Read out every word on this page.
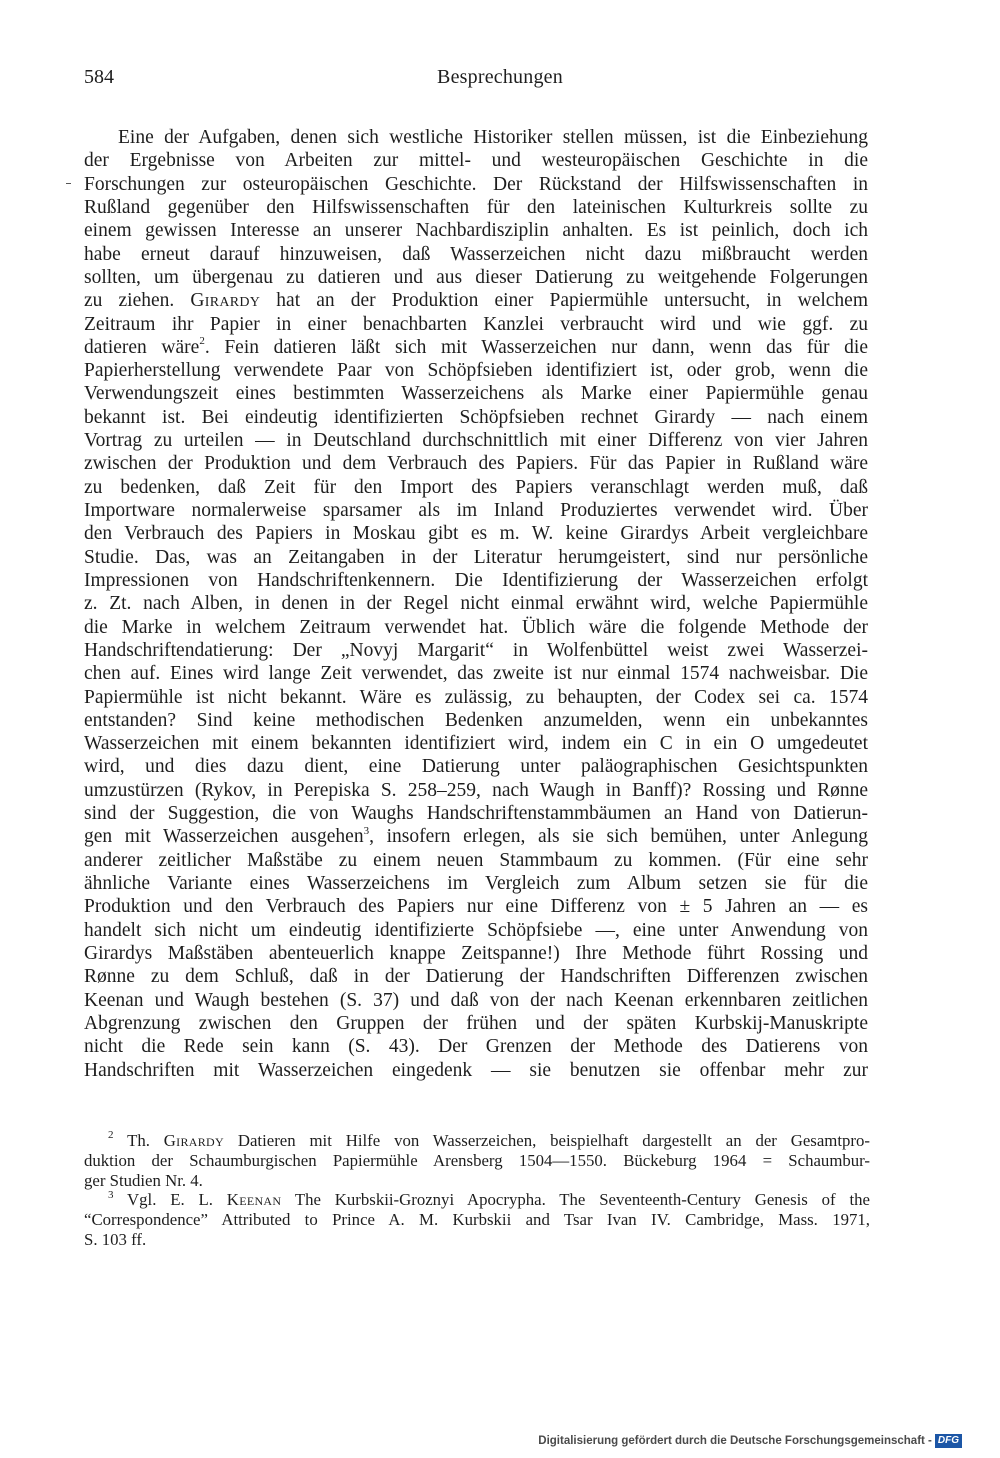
584	Besprechungen
Eine der Aufgaben, denen sich westliche Historiker stellen müssen, ist die Einbeziehung
der Ergebnisse von Arbeiten zur mittel- und westeuropäischen Geschichte in die
Forschungen zur osteuropäischen Geschichte. Der Rückstand der Hilfswissenschaften in
Rußland gegenüber den Hilfswissenschaften für den lateinischen Kulturkreis sollte zu
einem gewissen Interesse an unserer Nachbardisziplin anhalten. Es ist peinlich, doch ich
habe erneut darauf hinzuweisen, daß Wasserzeichen nicht dazu mißbraucht werden
sollten, um übergenau zu datieren und aus dieser Datierung zu weitgehende Folgerungen
zu ziehen. Girardy hat an der Produktion einer Papiermühle untersucht, in welchem
Zeitraum ihr Papier in einer benachbarten Kanzlei verbraucht wird und wie ggf. zu
datieren wäre$^2$. Fein datieren läßt sich mit Wasserzeichen nur dann, wenn das für die
Papierherstellung verwendete Paar von Schöpfsieben identifiziert ist, oder grob, wenn die
Verwendungszeit eines bestimmten Wasserzeichens als Marke einer Papiermühle genau
bekannt ist. Bei eindeutig identifizierten Schöpfsieben rechnet Girardy — nach einem
Vortrag zu urteilen — in Deutschland durchschnittlich mit einer Differenz von vier Jahren
zwischen der Produktion und dem Verbrauch des Papiers. Für das Papier in Rußland wäre
zu bedenken, daß Zeit für den Import des Papiers veranschlagt werden muß, daß
Importware normalerweise sparsamer als im Inland Produziertes verwendet wird. Über
den Verbrauch des Papiers in Moskau gibt es m. W. keine Girardys Arbeit vergleichbare
Studie. Das, was an Zeitangaben in der Literatur herumgeistert, sind nur persönliche
Impressionen von Handschriftenkennern. Die Identifizierung der Wasserzeichen erfolgt
z. Zt. nach Alben, in denen in der Regel nicht einmal erwähnt wird, welche Papiermühle
die Marke in welchem Zeitraum verwendet hat. Üblich wäre die folgende Methode der
Handschriftendatierung: Der „Novyj Margarit“ in Wolfenbüttel weist zwei Wasserzei-
chen auf. Eines wird lange Zeit verwendet, das zweite ist nur einmal 1574 nachweisbar. Die
Papiermühle ist nicht bekannt. Wäre es zulässig, zu behaupten, der Codex sei ca. 1574
entstanden? Sind keine methodischen Bedenken anzumelden, wenn ein unbekanntes
Wasserzeichen mit einem bekannten identifiziert wird, indem ein C in ein O umgedeutet
wird, und dies dazu dient, eine Datierung unter paläographischen Gesichtspunkten
umzustürzen (Rykov, in Perepiska S. 258–259, nach Waugh in Banff)? Rossing und Rønne
sind der Suggestion, die von Waughs Handschriftenstammbäumen an Hand von Datierun-
gen mit Wasserzeichen ausgehen$^3$, insofern erlegen, als sie sich bemühen, unter Anlegung
anderer zeitlicher Maßstäbe zu einem neuen Stammbaum zu kommen. (Für eine sehr
ähnliche Variante eines Wasserzeichens im Vergleich zum Album setzen sie für die
Produktion und den Verbrauch des Papiers nur eine Differenz von ± 5 Jahren an — es
handelt sich nicht um eindeutig identifizierte Schöpfsiebe —, eine unter Anwendung von
Girardys Maßstäben abenteuerlich knappe Zeitspanne!) Ihre Methode führt Rossing und
Rønne zu dem Schluß, daß in der Datierung der Handschriften Differenzen zwischen
Keenan und Waugh bestehen (S. 37) und daß von der nach Keenan erkennbaren zeitlichen
Abgrenzung zwischen den Gruppen der frühen und der späten Kurbskij-Manuskripte
nicht die Rede sein kann (S. 43). Der Grenzen der Methode des Datierens von
Handschriften mit Wasserzeichen eingedenk — sie benutzen sie offenbar mehr zur
$^2$ Th. Girardy Datieren mit Hilfe von Wasserzeichen, beispielhaft dargestellt an der Gesamtpro-
duktion der Schaumburgischen Papiermühle Arensberg 1504—1550. Bückeburg 1964 = Schaumbur-
ger Studien Nr. 4.
$^3$ Vgl. E. L. Keenan The Kurbskii-Groznyi Apocrypha. The Seventeenth-Century Genesis of the
“Correspondence” Attributed to Prince A. M. Kurbskii and Tsar Ivan IV. Cambridge, Mass. 1971,
S. 103 ff.
Digitalisierung gefördert durch die Deutsche Forschungsgemeinschaft - DFG
